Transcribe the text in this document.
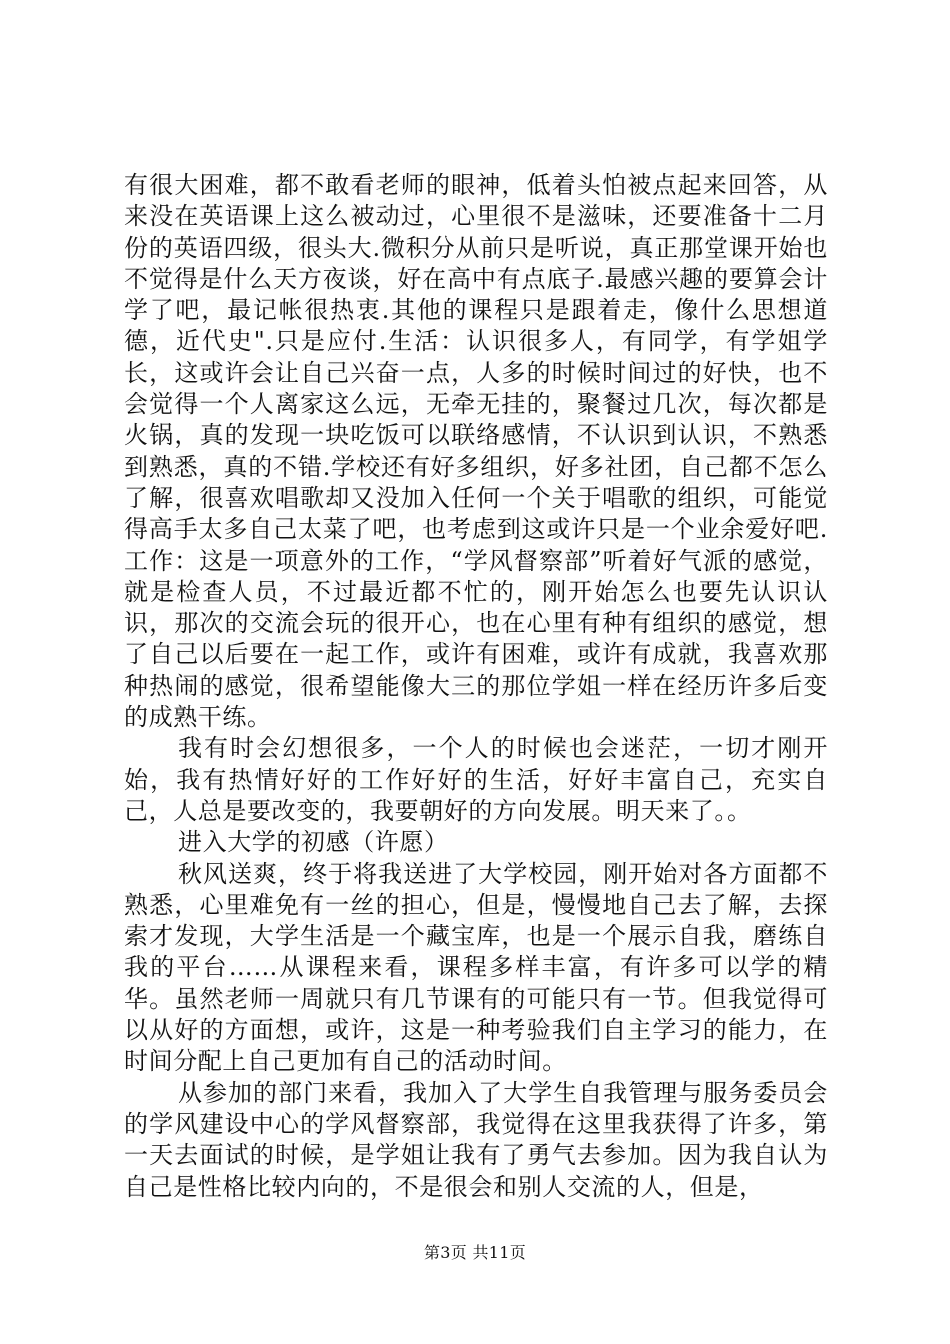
有很大困难，都不敢看老师的眼神，低着头怕被点起来回答，从来没在英语课上这么被动过，心里很不是滋味，还要准备十二月份的英语四级，很头大.微积分从前只是听说，真正那堂课开始也不觉得是什么天方夜谈，好在高中有点底子.最感兴趣的要算会计学了吧，最记帐很热衷.其他的课程只是跟着走，像什么思想道德，近代史".只是应付.生活：认识很多人，有同学，有学姐学长，这或许会让自己兴奋一点，人多的时候时间过的好快，也不会觉得一个人离家这么远，无牵无挂的，聚餐过几次，每次都是火锅，真的发现一块吃饭可以联络感情，不认识到认识，不熟悉到熟悉，真的不错.学校还有好多组织，好多社团，自己都不怎么了解，很喜欢唱歌却又没加入任何一个关于唱歌的组织，可能觉得高手太多自己太菜了吧，也考虑到这或许只是一个业余爱好吧.工作：这是一项意外的工作，“学风督察部”听着好气派的感觉，就是检查人员，不过最近都不忙的，刚开始怎么也要先认识认识，那次的交流会玩的很开心，也在心里有种有组织的感觉，想了自己以后要在一起工作，或许有困难，或许有成就，我喜欢那种热闹的感觉，很希望能像大三的那位学姐一样在经历许多后变的成熟干练。

我有时会幻想很多，一个人的时候也会迷茫，一切才刚开始，我有热情好好的工作好好的生活，好好丰富自己，充实自己，人总是要改变的，我要朝好的方向发展。明天来了。。

进入大学的初感（许愿）

秋风送爽，终于将我送进了大学校园，刚开始对各方面都不熟悉，心里难免有一丝的担心，但是，慢慢地自己去了解，去探索才发现，大学生活是一个藏宝库，也是一个展示自我，磨练自我的平台……从课程来看，课程多样丰富，有许多可以学的精华。虽然老师一周就只有几节课有的可能只有一节。但我觉得可以从好的方面想，或许，这是一种考验我们自主学习的能力，在时间分配上自己更加有自己的活动时间。

从参加的部门来看，我加入了大学生自我管理与服务委员会的学风建设中心的学风督察部，我觉得在这里我获得了许多，第一天去面试的时候，是学姐让我有了勇气去参加。因为我自认为自己是性格比较内向的，不是很会和别人交流的人，但是，

第3页 共11页
